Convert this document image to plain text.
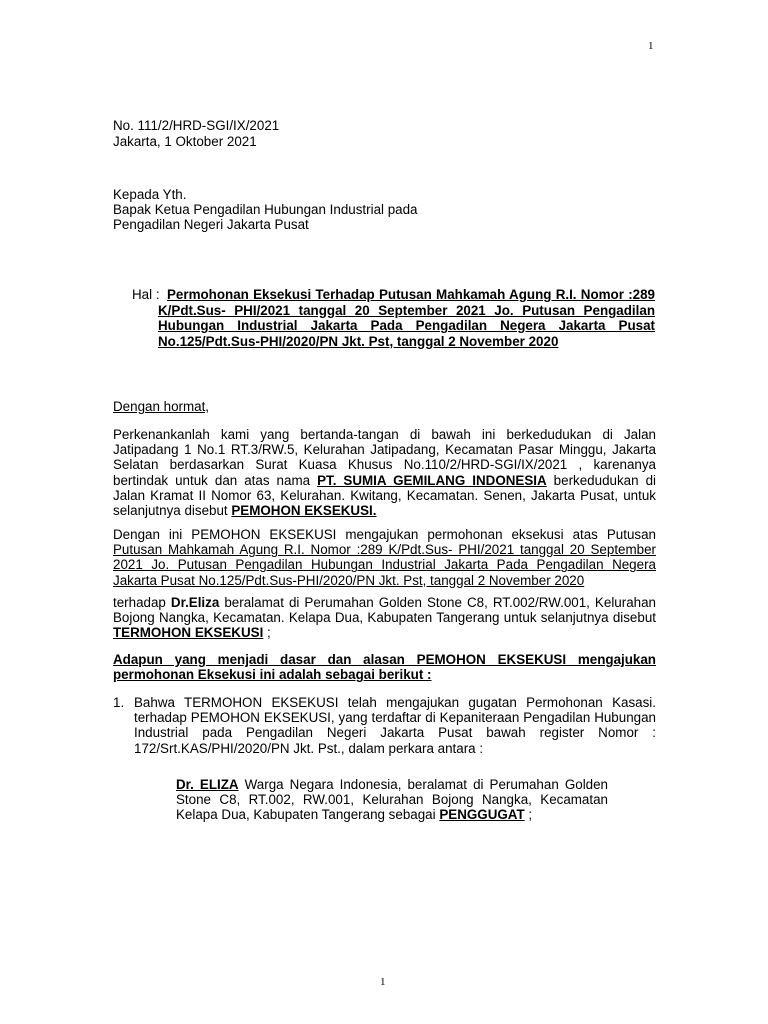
1
No. 111/2/HRD-SGI/IX/2021
Jakarta, 1 Oktober 2021
Kepada Yth.
Bapak Ketua Pengadilan Hubungan Industrial pada
Pengadilan Negeri Jakarta Pusat
Hal : Permohonan Eksekusi Terhadap Putusan Mahkamah Agung R.I. Nomor :289 K/Pdt.Sus- PHI/2021 tanggal 20 September 2021 Jo. Putusan Pengadilan Hubungan Industrial Jakarta Pada Pengadilan Negera Jakarta Pusat No.125/Pdt.Sus-PHI/2020/PN Jkt. Pst, tanggal 2 November 2020
Dengan hormat,
Perkenankanlah kami yang bertanda-tangan di bawah ini berkedudukan di Jalan Jatipadang 1 No.1 RT.3/RW.5, Kelurahan Jatipadang, Kecamatan Pasar Minggu, Jakarta Selatan berdasarkan Surat Kuasa Khusus No.110/2/HRD-SGI/IX/2021 , karenanya bertindak untuk dan atas nama PT. SUMIA GEMILANG INDONESIA berkedudukan di Jalan Kramat II Nomor 63, Kelurahan. Kwitang, Kecamatan. Senen, Jakarta Pusat, untuk selanjutnya disebut PEMOHON EKSEKUSI.
Dengan ini PEMOHON EKSEKUSI mengajukan permohonan eksekusi atas Putusan Putusan Mahkamah Agung R.I. Nomor :289 K/Pdt.Sus- PHI/2021 tanggal 20 September 2021 Jo. Putusan Pengadilan Hubungan Industrial Jakarta Pada Pengadilan Negera Jakarta Pusat No.125/Pdt.Sus-PHI/2020/PN Jkt. Pst, tanggal 2 November 2020
terhadap Dr.Eliza beralamat di Perumahan Golden Stone C8, RT.002/RW.001, Kelurahan Bojong Nangka, Kecamatan. Kelapa Dua, Kabupaten Tangerang untuk selanjutnya disebut TERMOHON EKSEKUSI ;
Adapun yang menjadi dasar dan alasan PEMOHON EKSEKUSI mengajukan permohonan Eksekusi ini adalah sebagai berikut :
1. Bahwa TERMOHON EKSEKUSI telah mengajukan gugatan Permohonan Kasasi. terhadap PEMOHON EKSEKUSI, yang terdaftar di Kepaniteraan Pengadilan Hubungan Industrial pada Pengadilan Negeri Jakarta Pusat bawah register Nomor : 172/Srt.KAS/PHI/2020/PN Jkt. Pst., dalam perkara antara :
Dr. ELIZA Warga Negara Indonesia, beralamat di Perumahan Golden Stone C8, RT.002, RW.001, Kelurahan Bojong Nangka, Kecamatan Kelapa Dua, Kabupaten Tangerang sebagai PENGGUGAT ;
1
